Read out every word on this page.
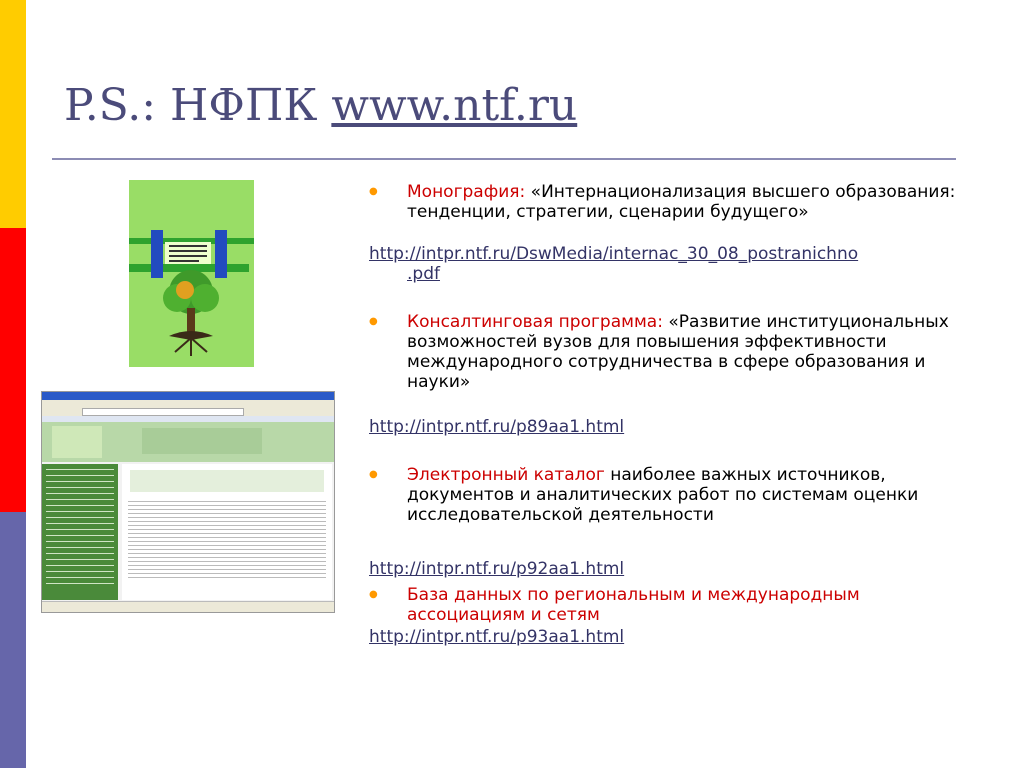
P.S.: НФПК www.ntf.ru
● Монография: «Интернационализация высшего образования: тенденции, стратегии, сценарии будущего»
http://intpr.ntf.ru/DswMedia/internac_30_08_postranichno
.pdf
● Консалтинговая программа: «Развитие институциональных возможностей вузов для повышения эффективности международного сотрудничества в сфере образования и науки»
http://intpr.ntf.ru/p89aa1.html
● Электронный каталог наиболее важных источников, документов и аналитических работ по системам оценки исследовательской деятельности
http://intpr.ntf.ru/p92aa1.html
● База данных по региональным и международным ассоциациям и сетям
http://intpr.ntf.ru/p93aa1.html
